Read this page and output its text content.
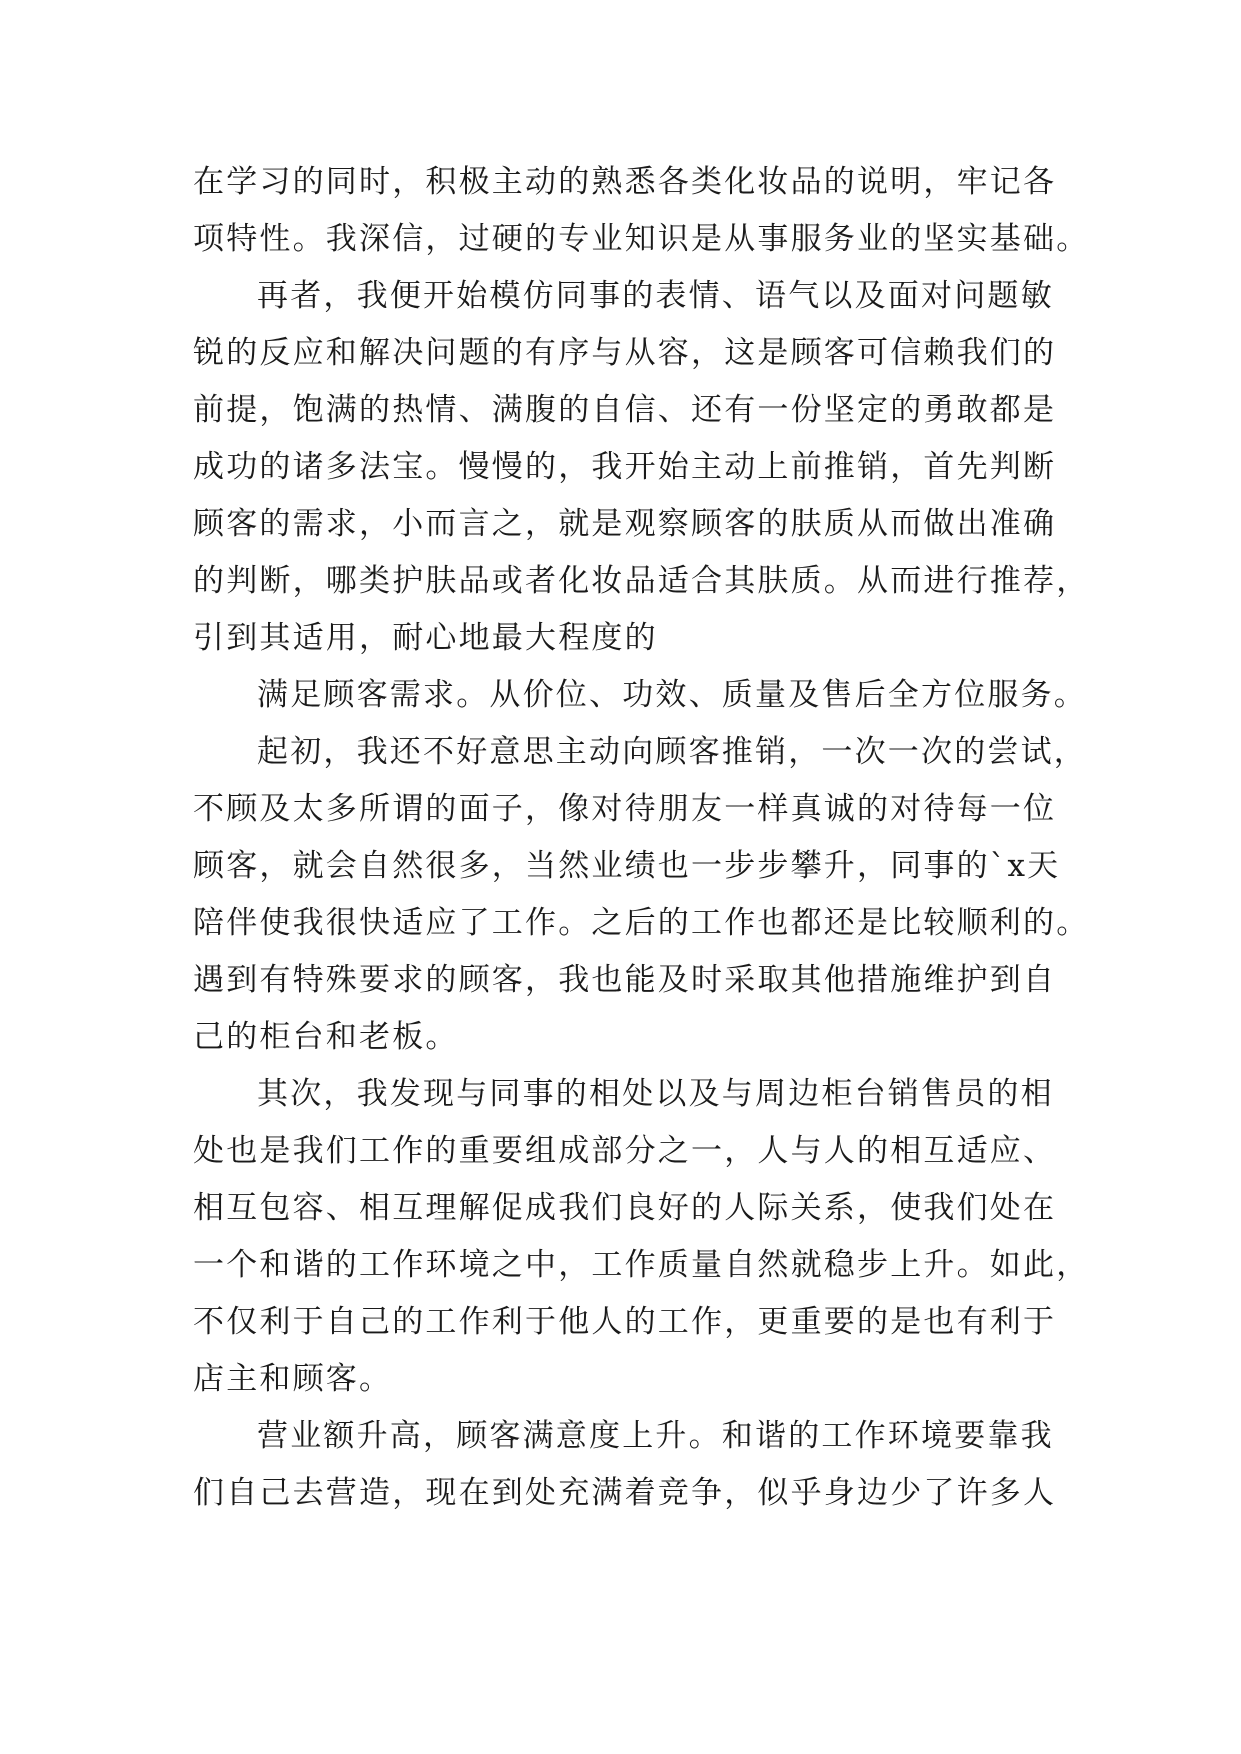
在学习的同时，积极主动的熟悉各类化妆品的说明，牢记各
项特性。我深信，过硬的专业知识是从事服务业的坚实基础。
再者，我便开始模仿同事的表情、语气以及面对问题敏
锐的反应和解决问题的有序与从容，这是顾客可信赖我们的
前提，饱满的热情、满腹的自信、还有一份坚定的勇敢都是
成功的诸多法宝。慢慢的，我开始主动上前推销，首先判断
顾客的需求，小而言之，就是观察顾客的肤质从而做出准确
的判断，哪类护肤品或者化妆品适合其肤质。从而进行推荐，
引到其适用，耐心地最大程度的
满足顾客需求。从价位、功效、质量及售后全方位服务。
起初，我还不好意思主动向顾客推销，一次一次的尝试，
不顾及太多所谓的面子，像对待朋友一样真诚的对待每一位
顾客，就会自然很多，当然业绩也一步步攀升，同事的`x天
陪伴使我很快适应了工作。之后的工作也都还是比较顺利的。
遇到有特殊要求的顾客，我也能及时采取其他措施维护到自
己的柜台和老板。
其次，我发现与同事的相处以及与周边柜台销售员的相
处也是我们工作的重要组成部分之一，人与人的相互适应、
相互包容、相互理解促成我们良好的人际关系，使我们处在
一个和谐的工作环境之中，工作质量自然就稳步上升。如此，
不仅利于自己的工作利于他人的工作，更重要的是也有利于
店主和顾客。
营业额升高，顾客满意度上升。和谐的工作环境要靠我
们自己去营造，现在到处充满着竞争，似乎身边少了许多人
